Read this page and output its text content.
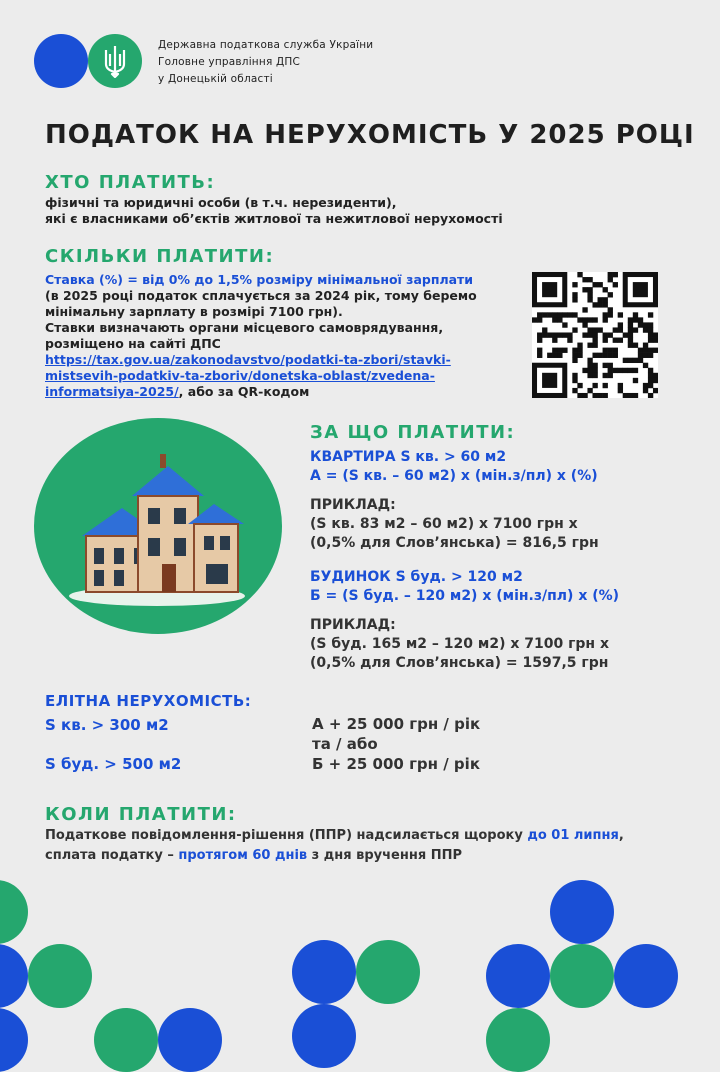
Державна податкова служба України
Головне управління ДПС
у Донецькій області
ПОДАТОК НА НЕРУХОМІСТЬ У 2025 РОЦІ
ХТО ПЛАТИТЬ:
фізичні та юридичні особи (в т.ч. нерезиденти),
які є власниками об’єктів житлової та нежитлової нерухомості
СКІЛЬКИ ПЛАТИТИ:
Ставка (%) = від 0% до 1,5% розміру мінімальної зарплати
(в 2025 році податок сплачується за 2024 рік, тому беремо
мінімальну зарплату в розмірі 7100 грн).
Ставки визначають органи місцевого самоврядування,
розміщено на сайті ДПС
https://tax.gov.ua/zakonodavstvo/podatki-ta-zbori/stavki-
mistsevih-podatkiv-ta-zboriv/donetska-oblast/zvedena-
informatsiya-2025/, або за QR-кодом
ЗА ЩО ПЛАТИТИ:
КВАРТИРА S кв. > 60 м2
А = (S кв. – 60 м2) х (мін.з/пл) х (%)
ПРИКЛАД:
(S кв. 83 м2 – 60 м2) х 7100 грн х
(0,5% для Слов’янська) = 816,5 грн
БУДИНОК S буд. > 120 м2
Б = (S буд. – 120 м2) х (мін.з/пл) х (%)
ПРИКЛАД:
(S буд. 165 м2 – 120 м2) х 7100 грн х
(0,5% для Слов’янська) = 1597,5 грн
ЕЛІТНА НЕРУХОМІСТЬ:
S кв. > 300 м2
S буд. > 500 м2
А + 25 000 грн / рік
та / або
Б + 25 000 грн / рік
КОЛИ ПЛАТИТИ:
Податкове повідомлення-рішення (ППР) надсилається щороку до 01 липня,
сплата податку – протягом 60 днів з дня вручення ППР
